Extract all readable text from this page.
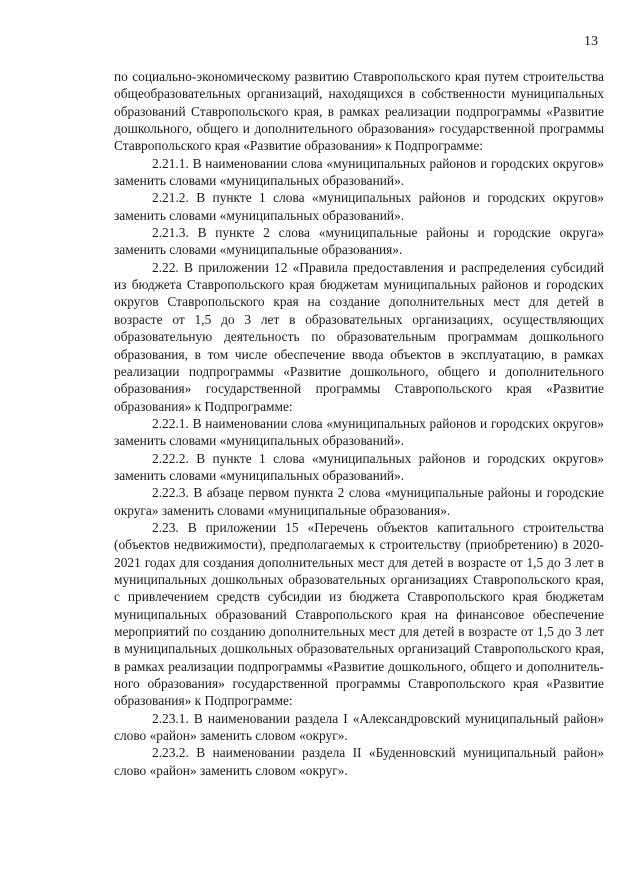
13

по социально-экономическому развитию Ставропольского края путем строительства общеобразовательных организаций, находящихся в собственности муниципальных образований Ставропольского края, в рамках реализации подпрограммы «Развитие дошкольного, общего и дополнительного образования» государственной программы Ставропольского края «Развитие образования» к Подпрограмме:

2.21.1. В наименовании слова «муниципальных районов и городских округов» заменить словами «муниципальных образований».

2.21.2. В пункте 1 слова «муниципальных районов и городских округов» заменить словами «муниципальных образований».

2.21.3. В пункте 2 слова «муниципальные районы и городские округа» заменить словами «муниципальные образования».

2.22. В приложении 12 «Правила предоставления и распределения субсидий из бюджета Ставропольского края бюджетам муниципальных районов и городских округов Ставропольского края на создание дополнительных мест для детей в возрасте от 1,5 до 3 лет в образовательных организациях, осуществляющих образовательную деятельность по образовательным программам дошкольного образования, в том числе обеспечение ввода объектов в эксплуатацию, в рамках реализации подпрограммы «Развитие дошкольного, общего и дополнительного образования» государственной программы Ставропольского края «Развитие образования» к Подпрограмме:

2.22.1. В наименовании слова «муниципальных районов и городских округов» заменить словами «муниципальных образований».

2.22.2. В пункте 1 слова «муниципальных районов и городских округов» заменить словами «муниципальных образований».

2.22.3. В абзаце первом пункта 2 слова «муниципальные районы и городские округа» заменить словами «муниципальные образования».

2.23. В приложении 15 «Перечень объектов капитального строительства (объектов недвижимости), предполагаемых к строительству (приобретению) в 2020-2021 годах для создания дополнительных мест для детей в возрасте от 1,5 до 3 лет в муниципальных дошкольных образовательных организациях Ставропольского края, с привлечением средств субсидии из бюджета Ставропольского края бюджетам муниципальных образований Ставропольского края на финансовое обеспечение мероприятий по созданию дополнительных мест для детей в возрасте от 1,5 до 3 лет в муниципальных дошкольных образовательных организаций Ставропольского края, в рамках реализации подпрограммы «Развитие дошкольного, общего и дополнительного образования» государственной программы Ставропольского края «Развитие образования» к Подпрограмме:

2.23.1. В наименовании раздела I «Александровский муниципальный район» слово «район» заменить словом «округ».

2.23.2. В наименовании раздела II «Буденновский муниципальный район» слово «район» заменить словом «округ».
